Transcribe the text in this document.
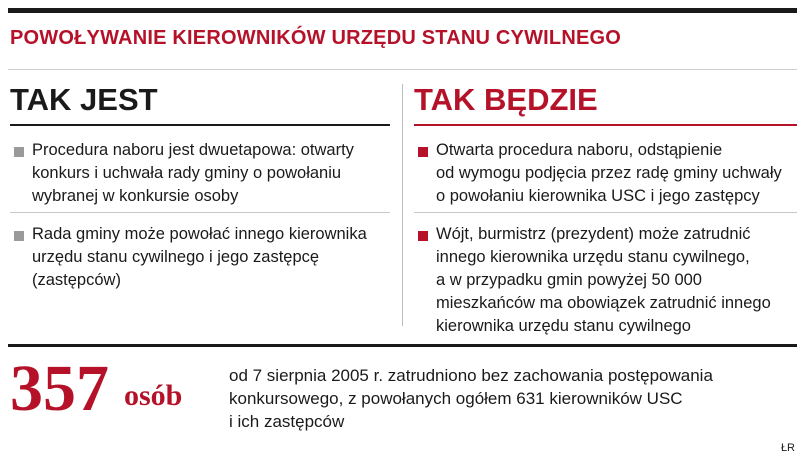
POWOŁYWANIE KIEROWNIKÓW URZĘDU STANU CYWILNEGO
TAK JEST
Procedura naboru jest dwuetapowa: otwarty
konkurs i uchwała rady gminy o powołaniu
wybranej w konkursie osoby
Rada gminy może powołać innego kierownika
urzędu stanu cywilnego i jego zastępcę
(zastępców)
TAK BĘDZIE
Otwarta procedura naboru, odstąpienie
od wymogu podjęcia przez radę gminy uchwały
o powołaniu kierownika USC i jego zastępcy
Wójt, burmistrz (prezydent) może zatrudnić
innego kierownika urzędu stanu cywilnego,
a w przypadku gmin powyżej 50 000
mieszkańców ma obowiązek zatrudnić innego
kierownika urzędu stanu cywilnego
357 osób
od 7 sierpnia 2005 r. zatrudniono bez zachowania postępowania
konkursowego, z powołanych ogółem 631 kierowników USC
i ich zastępców
ŁR
